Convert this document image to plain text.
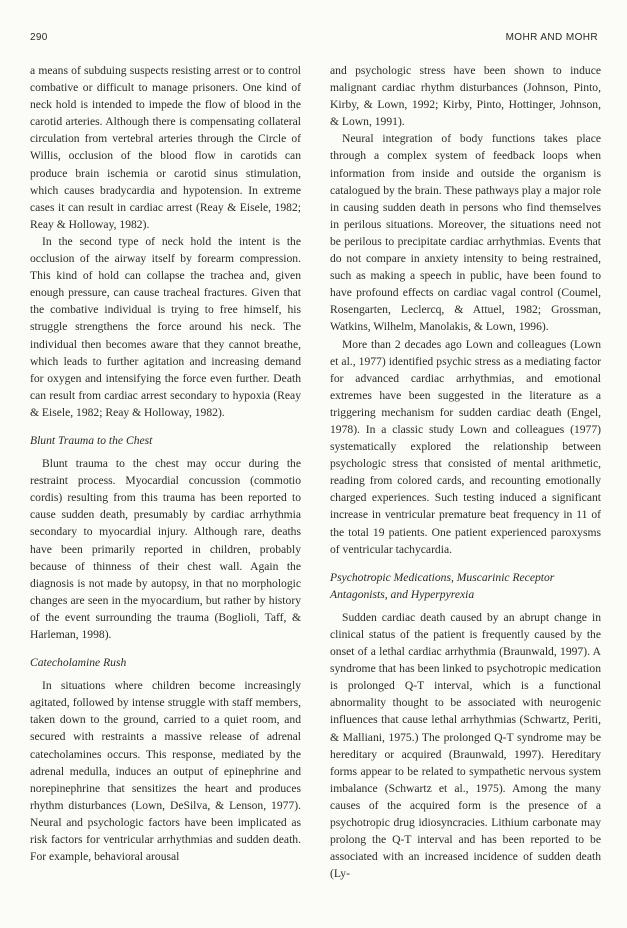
290	MOHR AND MOHR

a means of subduing suspects resisting arrest or to control combative or difficult to manage prisoners. One kind of neck hold is intended to impede the flow of blood in the carotid arteries. Although there is compensating collateral circulation from vertebral arteries through the Circle of Willis, occlusion of the blood flow in carotids can produce brain ischemia or carotid sinus stimulation, which causes bradycardia and hypotension. In extreme cases it can result in cardiac arrest (Reay & Eisele, 1982; Reay & Holloway, 1982).

In the second type of neck hold the intent is the occlusion of the airway itself by forearm compression. This kind of hold can collapse the trachea and, given enough pressure, can cause tracheal fractures. Given that the combative individual is trying to free himself, his struggle strengthens the force around his neck. The individual then becomes aware that they cannot breathe, which leads to further agitation and increasing demand for oxygen and intensifying the force even further. Death can result from cardiac arrest secondary to hypoxia (Reay & Eisele, 1982; Reay & Holloway, 1982).

Blunt Trauma to the Chest

Blunt trauma to the chest may occur during the restraint process. Myocardial concussion (commotio cordis) resulting from this trauma has been reported to cause sudden death, presumably by cardiac arrhythmia secondary to myocardial injury. Although rare, deaths have been primarily reported in children, probably because of thinness of their chest wall. Again the diagnosis is not made by autopsy, in that no morphologic changes are seen in the myocardium, but rather by history of the event surrounding the trauma (Boglioli, Taff, & Harleman, 1998).

Catecholamine Rush

In situations where children become increasingly agitated, followed by intense struggle with staff members, taken down to the ground, carried to a quiet room, and secured with restraints a massive release of adrenal catecholamines occurs. This response, mediated by the adrenal medulla, induces an output of epinephrine and norepinephrine that sensitizes the heart and produces rhythm disturbances (Lown, DeSilva, & Lenson, 1977). Neural and psychologic factors have been implicated as risk factors for ventricular arrhythmias and sudden death. For example, behavioral arousal

and psychologic stress have been shown to induce malignant cardiac rhythm disturbances (Johnson, Pinto, Kirby, & Lown, 1992; Kirby, Pinto, Hottinger, Johnson, & Lown, 1991).

Neural integration of body functions takes place through a complex system of feedback loops when information from inside and outside the organism is catalogued by the brain. These pathways play a major role in causing sudden death in persons who find themselves in perilous situations. Moreover, the situations need not be perilous to precipitate cardiac arrhythmias. Events that do not compare in anxiety intensity to being restrained, such as making a speech in public, have been found to have profound effects on cardiac vagal control (Coumel, Rosengarten, Leclercq, & Attuel, 1982; Grossman, Watkins, Wilhelm, Manolakis, & Lown, 1996).

More than 2 decades ago Lown and colleagues (Lown et al., 1977) identified psychic stress as a mediating factor for advanced cardiac arrhythmias, and emotional extremes have been suggested in the literature as a triggering mechanism for sudden cardiac death (Engel, 1978). In a classic study Lown and colleagues (1977) systematically explored the relationship between psychologic stress that consisted of mental arithmetic, reading from colored cards, and recounting emotionally charged experiences. Such testing induced a significant increase in ventricular premature beat frequency in 11 of the total 19 patients. One patient experienced paroxysms of ventricular tachycardia.

Psychotropic Medications, Muscarinic Receptor Antagonists, and Hyperpyrexia

Sudden cardiac death caused by an abrupt change in clinical status of the patient is frequently caused by the onset of a lethal cardiac arrhythmia (Braunwald, 1997). A syndrome that has been linked to psychotropic medication is prolonged Q-T interval, which is a functional abnormality thought to be associated with neurogenic influences that cause lethal arrhythmias (Schwartz, Periti, & Malliani, 1975.) The prolonged Q-T syndrome may be hereditary or acquired (Braunwald, 1997). Hereditary forms appear to be related to sympathetic nervous system imbalance (Schwartz et al., 1975). Among the many causes of the acquired form is the presence of a psychotropic drug idiosyncracies. Lithium carbonate may prolong the Q-T interval and has been reported to be associated with an increased incidence of sudden death (Ly-
